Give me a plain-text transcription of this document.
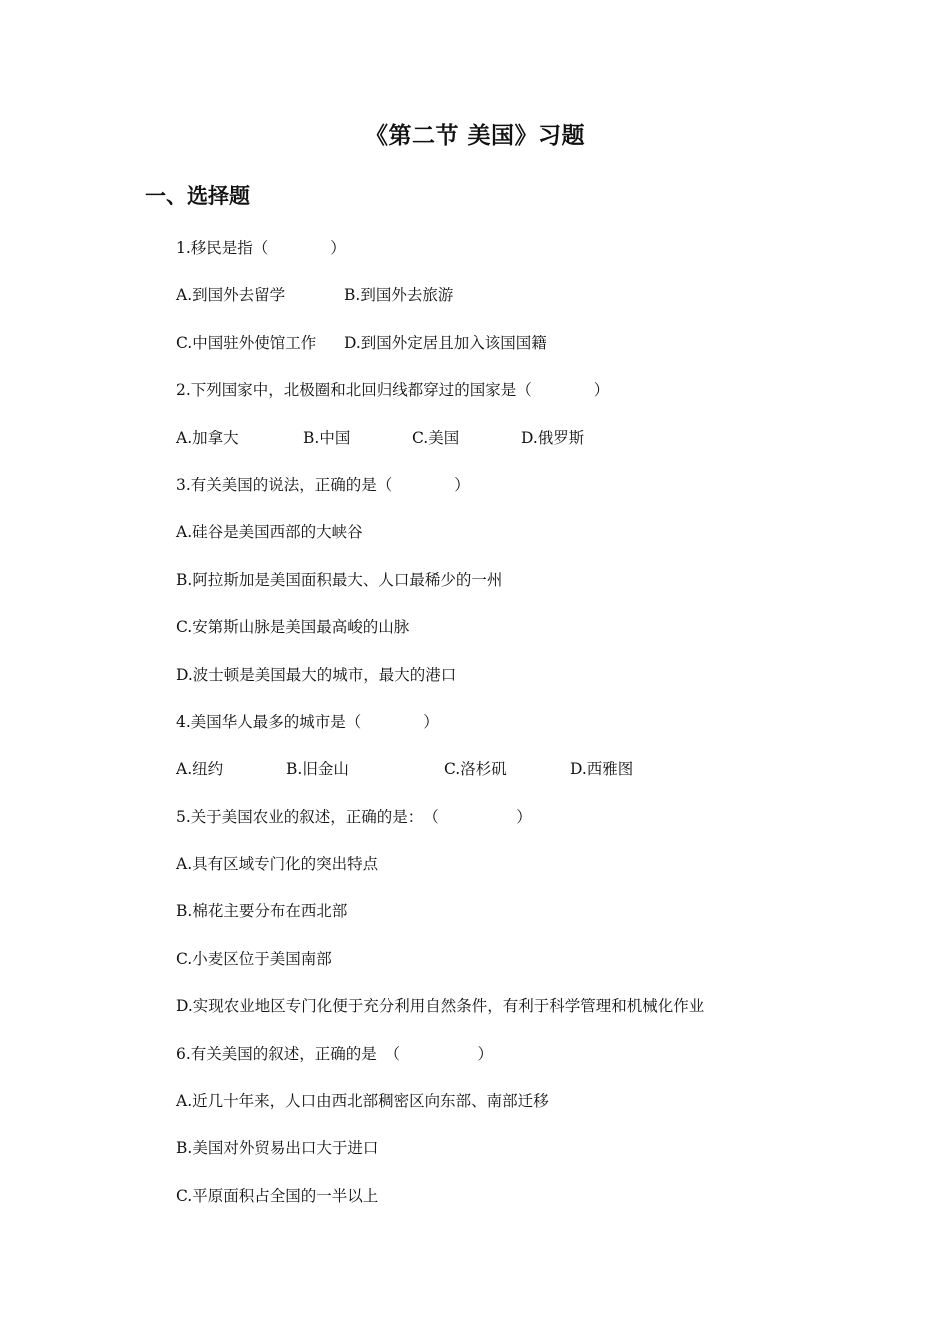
《第二节 美国》习题
一、选择题
1.移民是指（　　　　）
A.到国外去留学	B.到国外去旅游
C.中国驻外使馆工作 D.到国外定居且加入该国国籍
2.下列国家中，北极圈和北回归线都穿过的国家是（　　　　）
A.加拿大	B.中国	C.美国	D.俄罗斯
3.有关美国的说法，正确的是（　　　　）
A.硅谷是美国西部的大峡谷
B.阿拉斯加是美国面积最大、人口最稀少的一州
C.安第斯山脉是美国最高峻的山脉
D.波士顿是美国最大的城市，最大的港口
4.美国华人最多的城市是（　　　　）
A.纽约	B.旧金山	C.洛杉矶	D.西雅图
5.关于美国农业的叙述，正确的是：　（　　　　　）
A.具有区域专门化的突出特点
B.棉花主要分布在西北部
C.小麦区位于美国南部
D.实现农业地区专门化便于充分利用自然条件，有利于科学管理和机械化作业
6.有关美国的叙述，正确的是　（　　　　　）
A.近几十年来，人口由西北部稠密区向东部、南部迁移
B.美国对外贸易出口大于进口
C.平原面积占全国的一半以上
